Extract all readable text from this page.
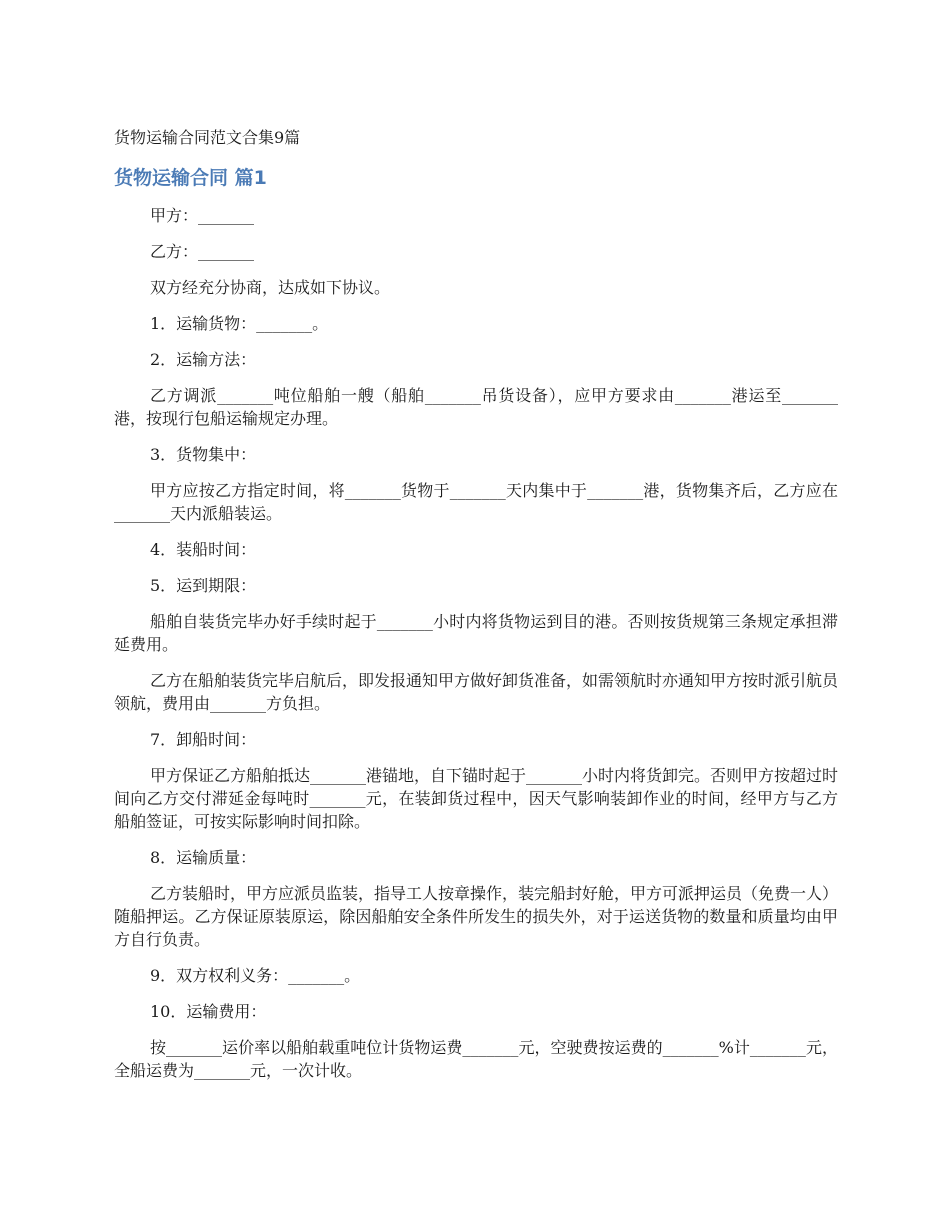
货物运输合同范文合集9篇
货物运输合同 篇1

甲方：_______

乙方：_______

双方经充分协商，达成如下协议。

1．运输货物：_______。

2．运输方法：

乙方调派_______吨位船舶一艘（船舶_______吊货设备），应甲方要求由_______港运至_______港，按现行包船运输规定办理。

3．货物集中：

甲方应按乙方指定时间，将_______货物于_______天内集中于_______港，货物集齐后，乙方应在_______天内派船装运。

4．装船时间：

5．运到期限：

船舶自装货完毕办好手续时起于_______小时内将货物运到目的港。否则按货规第三条规定承担滞延费用。

乙方在船舶装货完毕启航后，即发报通知甲方做好卸货准备，如需领航时亦通知甲方按时派引航员领航，费用由_______方负担。

7．卸船时间：

甲方保证乙方船舶抵达_______港锚地，自下锚时起于_______小时内将货卸完。否则甲方按超过时间向乙方交付滞延金每吨时_______元，在装卸货过程中，因天气影响装卸作业的时间，经甲方与乙方船舶签证，可按实际影响时间扣除。

8．运输质量：

乙方装船时，甲方应派员监装，指导工人按章操作，装完船封好舱，甲方可派押运员（免费一人）随船押运。乙方保证原装原运，除因船舶安全条件所发生的损失外，对于运送货物的数量和质量均由甲方自行负责。

9．双方权利义务：_______。

10．运输费用：

按_______运价率以船舶载重吨位计货物运费_______元，空驶费按运费的_______%计_______元，全船运费为_______元，一次计收。
